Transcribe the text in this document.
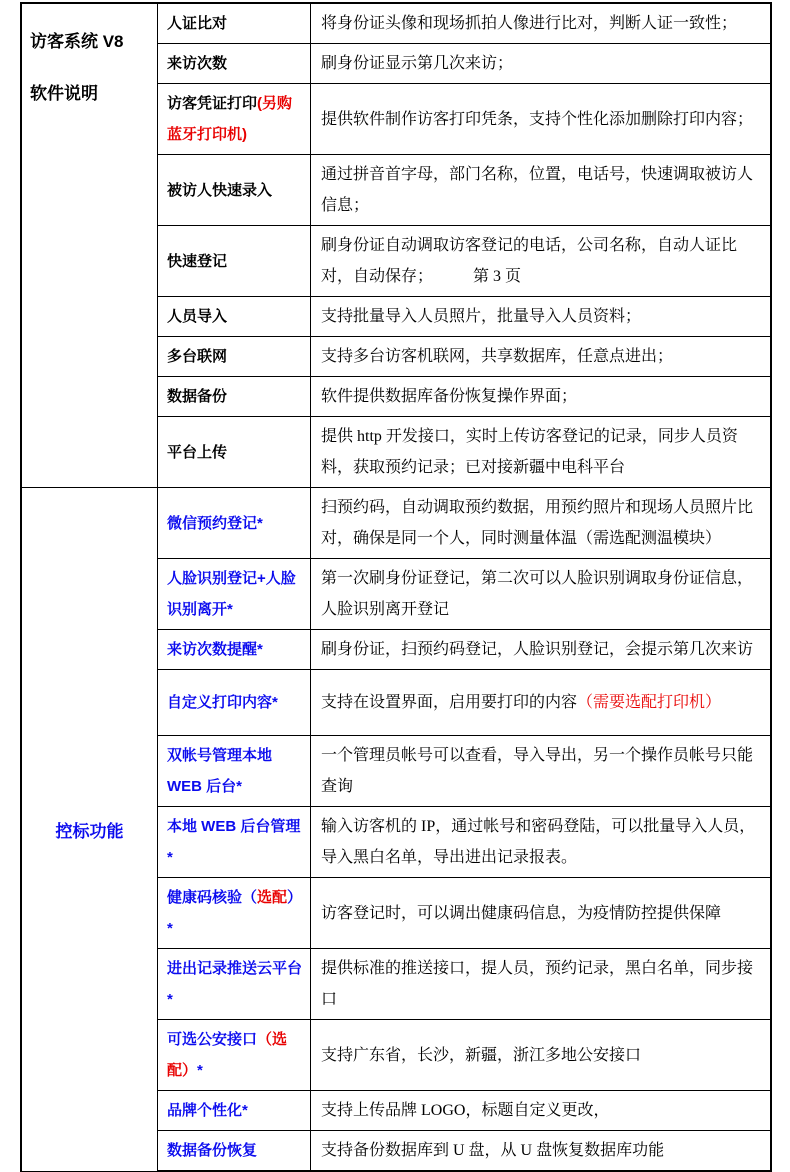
访客系统 V8
软件说明	人证比对	将身份证头像和现场抓拍人像进行比对，判断人证一致性；
	来访次数	刷身份证显示第几次来访；
	访客凭证打印(另购蓝牙打印机)	提供软件制作访客打印凭条，支持个性化添加删除打印内容；
	被访人快速录入	通过拼音首字母，部门名称，位置，电话号，快速调取被访人信息；
	快速登记	刷身份证自动调取访客登记的电话，公司名称，自动人证比对，自动保存；　　　第 3 页
	人员导入	支持批量导入人员照片，批量导入人员资料；
	多台联网	支持多台访客机联网，共享数据库，任意点进出；
	数据备份	软件提供数据库备份恢复操作界面；
	平台上传	提供 http 开发接口，实时上传访客登记的记录，同步人员资料，获取预约记录；已对接新疆中电科平台

控标功能	微信预约登记*	扫预约码，自动调取预约数据，用预约照片和现场人员照片比对，确保是同一个人，同时测量体温（需选配测温模块）
	人脸识别登记+人脸识别离开*	第一次刷身份证登记，第二次可以人脸识别调取身份证信息，人脸识别离开登记
	来访次数提醒*	刷身份证，扫预约码登记，人脸识别登记，会提示第几次来访
	自定义打印内容*	支持在设置界面，启用要打印的内容（需要选配打印机）
	双帐号管理本地 WEB 后台*	一个管理员帐号可以查看，导入导出，另一个操作员帐号只能查询
	本地 WEB 后台管理*	输入访客机的 IP，通过帐号和密码登陆，可以批量导入人员，导入黑白名单，导出进出记录报表。
	健康码核验（选配）*	访客登记时，可以调出健康码信息，为疫情防控提供保障
	进出记录推送云平台*	提供标准的推送接口，提人员，预约记录，黑白名单，同步接口
	可选公安接口（选配）*	支持广东省，长沙，新疆，浙江多地公安接口
	品牌个性化*	支持上传品牌 LOGO，标题自定义更改，
	数据备份恢复	支持备份数据库到 U 盘，从 U 盘恢复数据库功能
